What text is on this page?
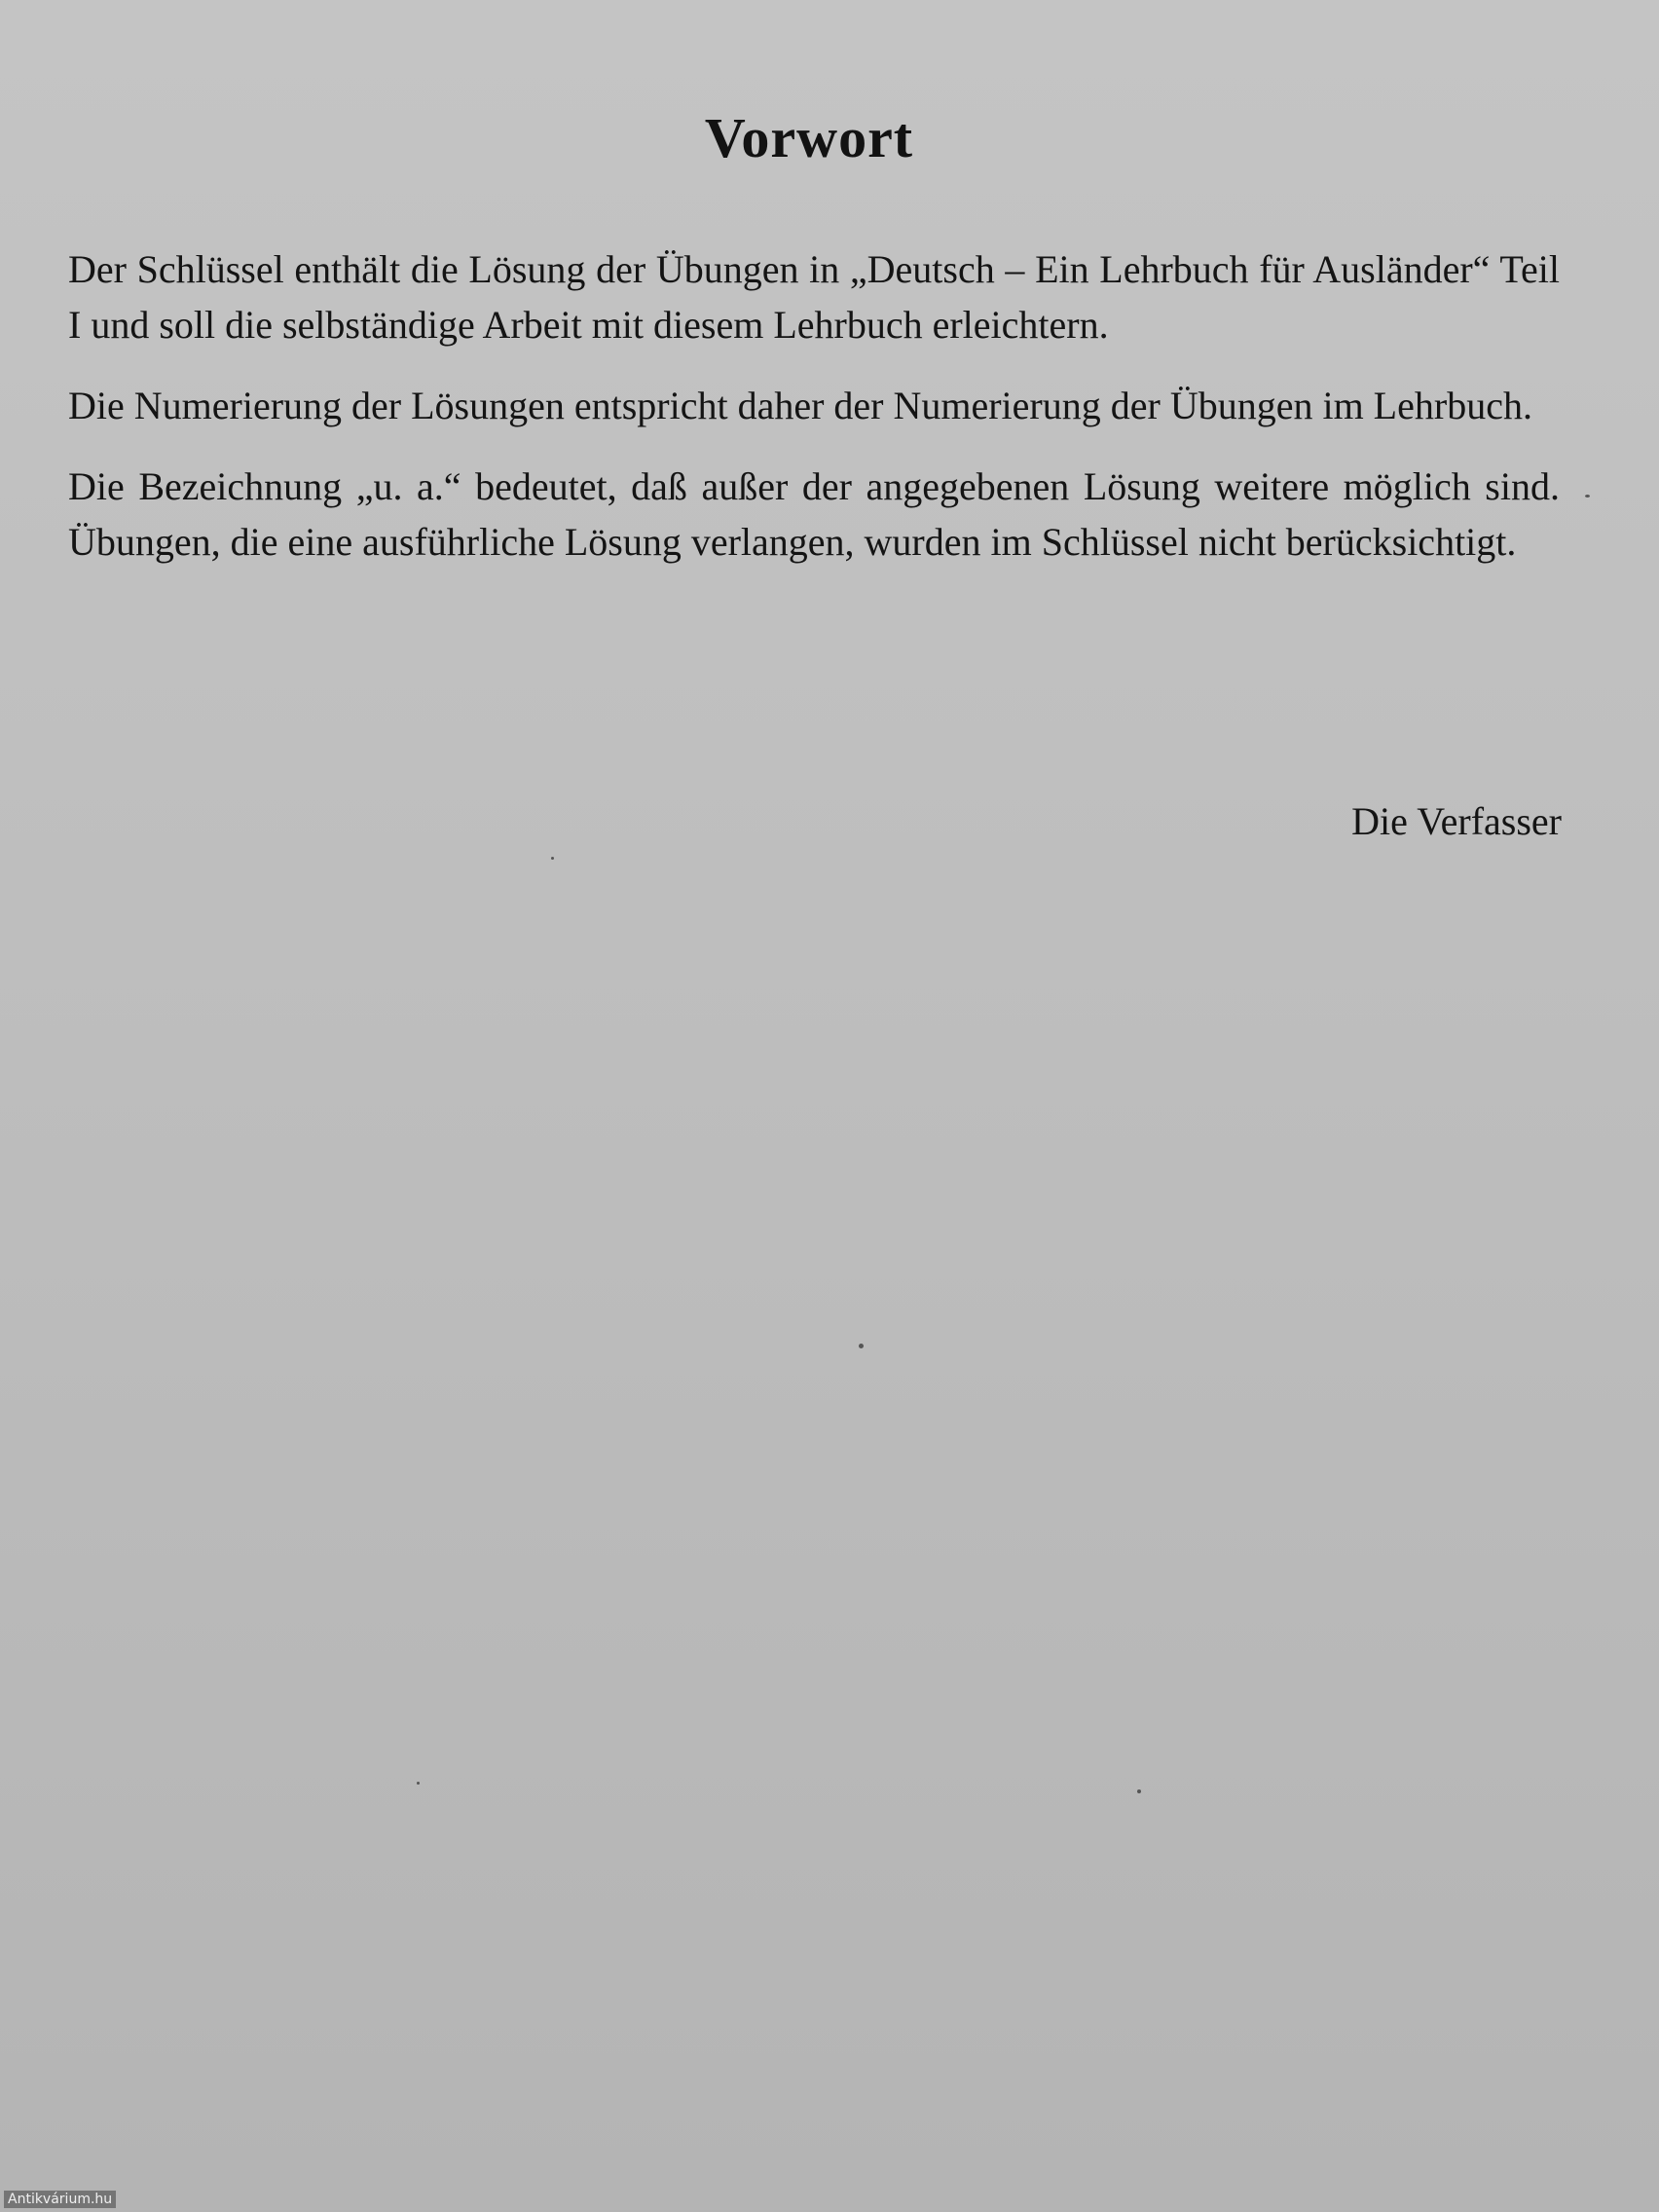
Vorwort

Der Schlüssel enthält die Lösung der Übungen in „Deutsch – Ein Lehrbuch für Ausländer“ Teil I und soll die selbständige Arbeit mit diesem Lehrbuch erleichtern.

Die Numerierung der Lösungen entspricht daher der Numerierung der Übungen im Lehrbuch.

Die Bezeichnung „u. a.“ bedeutet, daß außer der angegebenen Lösung weitere möglich sind. Übungen, die eine ausführliche Lösung verlangen, wurden im Schlüssel nicht berücksichtigt.

Die Verfasser

Antikvárium.hu
